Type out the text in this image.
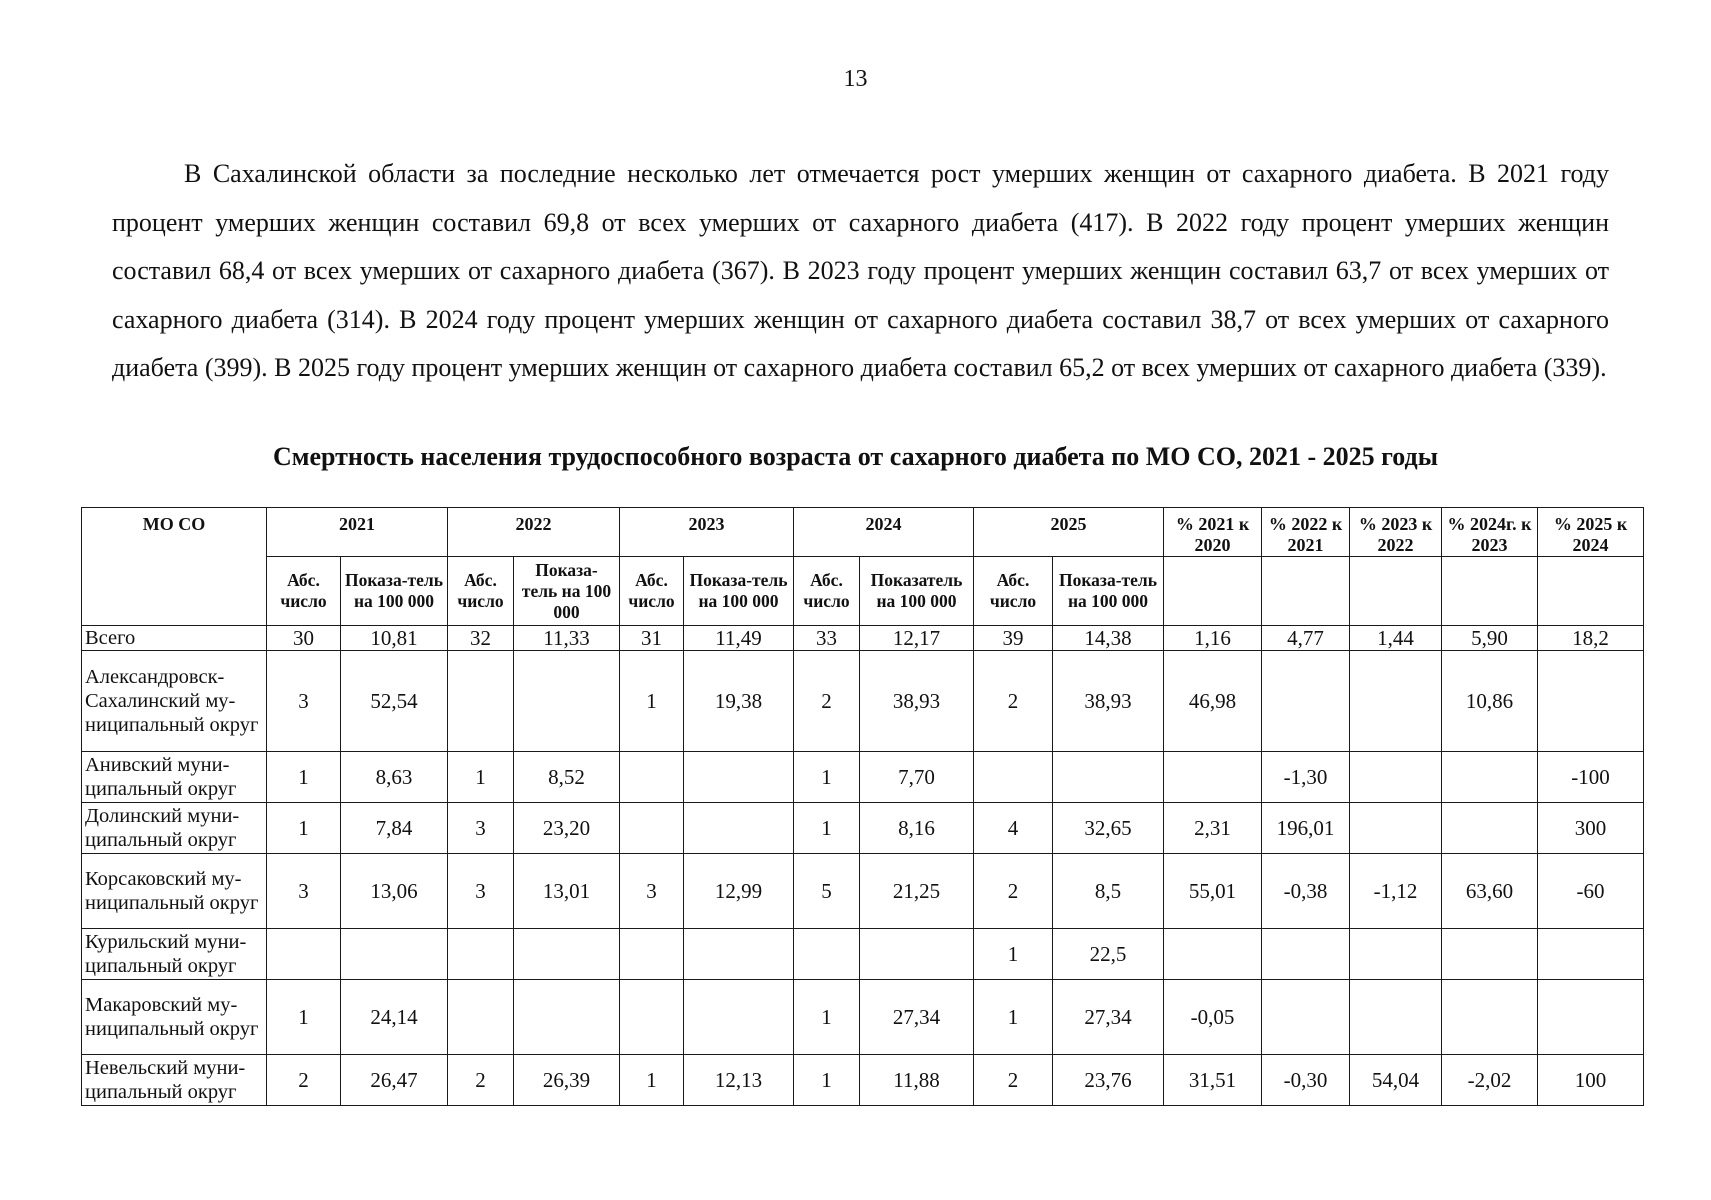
13

В Сахалинской области за последние несколько лет отмечается рост умерших женщин от сахарного диабета. В 2021 году процент умерших женщин составил 69,8 от всех умерших от сахарного диабета (417). В 2022 году процент умерших женщин составил 68,4 от всех умерших от сахарного диабета (367). В 2023 году процент умерших женщин составил 63,7 от всех умерших от сахарного диабета (314). В 2024 году процент умерших женщин от сахарного диабета составил 38,7 от всех умерших от сахарного диабета (399). В 2025 году процент умерших женщин от сахарного диабета составил 65,2 от всех умерших от сахарного диабета (339).

Смертность населения трудоспособного возраста от сахарного диабета по МО СО, 2021 - 2025 годы

МО СО	2021		2022		2023		2024		2025		% 2021 к 2020	% 2022 к 2021	% 2023 к 2022	% 2024г. к 2023	% 2025 к 2024
	Абс. число	Показа-тель на 100 000	Абс. число	Показа-тель на 100 000	Абс. число	Показа-тель на 100 000	Абс. число	Показатель на 100 000	Абс. число	Показа-тель на 100 000					
Всего	30	10,81	32	11,33	31	11,49	33	12,17	39	14,38	1,16	4,77	1,44	5,90	18,2
Александровск-Сахалинский му-ниципальный округ	3	52,54			1	19,38	2	38,93	2	38,93	46,98			10,86	
Анивский муни-ципальный округ	1	8,63	1	8,52			1	7,70				-1,30			-100
Долинский муни-ципальный округ	1	7,84	3	23,20			1	8,16	4	32,65	2,31	196,01			300
Корсаковский му-ниципальный округ	3	13,06	3	13,01	3	12,99	5	21,25	2	8,5	55,01	-0,38	-1,12	63,60	-60
Курильский муни-ципальный округ									1	22,5					
Макаровский му-ниципальный округ	1	24,14					1	27,34	1	27,34	-0,05				
Невельский муни-ципальный округ	2	26,47	2	26,39	1	12,13	1	11,88	2	23,76	31,51	-0,30	54,04	-2,02	100
